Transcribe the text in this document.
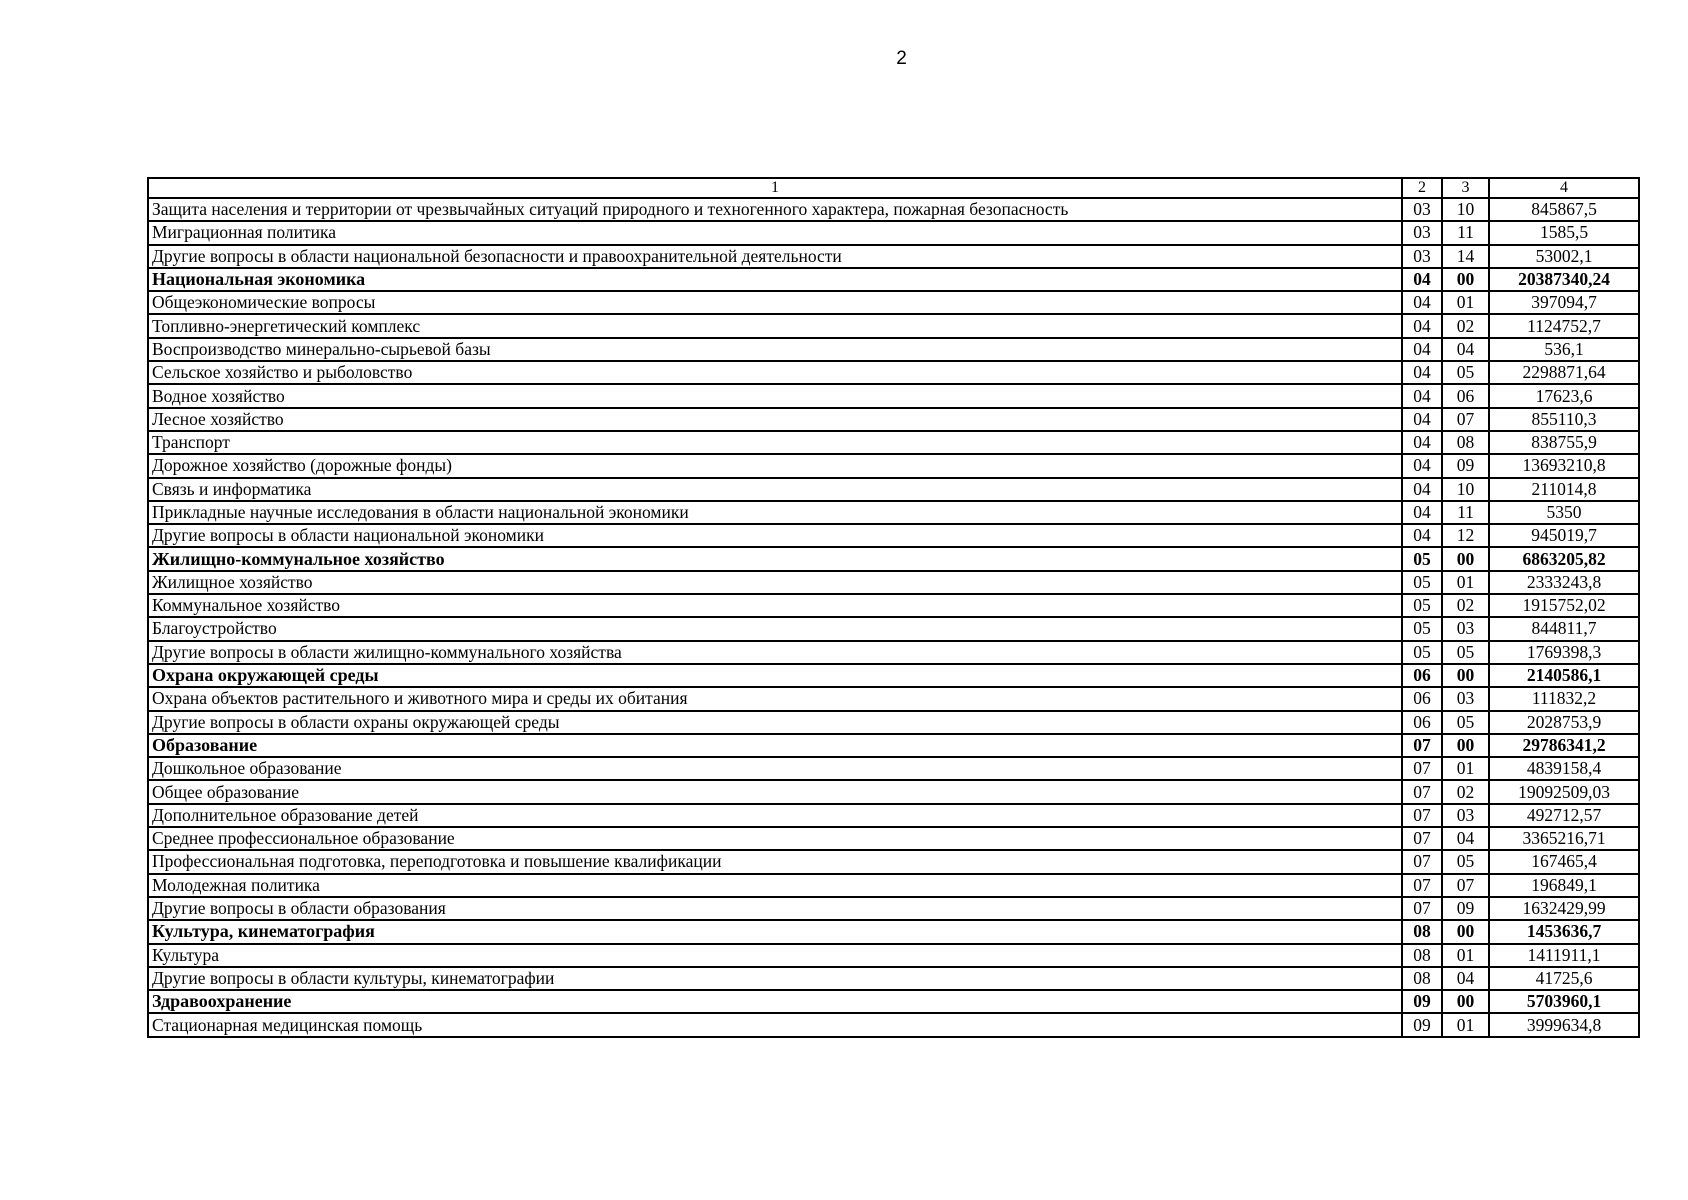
2
1	2	3	4
Защита населения и территории от чрезвычайных ситуаций природного и техногенного характера, пожарная безопасность	03	10	845867,5
Миграционная политика	03	11	1585,5
Другие вопросы в области национальной безопасности и правоохранительной деятельности	03	14	53002,1
Национальная экономика	04	00	20387340,24
Общеэкономические вопросы	04	01	397094,7
Топливно-энергетический комплекс	04	02	1124752,7
Воспроизводство минерально-сырьевой базы	04	04	536,1
Сельское хозяйство и рыболовство	04	05	2298871,64
Водное хозяйство	04	06	17623,6
Лесное хозяйство	04	07	855110,3
Транспорт	04	08	838755,9
Дорожное хозяйство (дорожные фонды)	04	09	13693210,8
Связь и информатика	04	10	211014,8
Прикладные научные исследования в области национальной экономики	04	11	5350
Другие вопросы в области национальной экономики	04	12	945019,7
Жилищно-коммунальное хозяйство	05	00	6863205,82
Жилищное хозяйство	05	01	2333243,8
Коммунальное хозяйство	05	02	1915752,02
Благоустройство	05	03	844811,7
Другие вопросы в области жилищно-коммунального хозяйства	05	05	1769398,3
Охрана окружающей среды	06	00	2140586,1
Охрана объектов растительного и животного мира и среды их обитания	06	03	111832,2
Другие вопросы в области охраны окружающей среды	06	05	2028753,9
Образование	07	00	29786341,2
Дошкольное образование	07	01	4839158,4
Общее образование	07	02	19092509,03
Дополнительное образование детей	07	03	492712,57
Среднее профессиональное образование	07	04	3365216,71
Профессиональная подготовка, переподготовка и повышение квалификации	07	05	167465,4
Молодежная политика	07	07	196849,1
Другие вопросы в области образования	07	09	1632429,99
Культура, кинематография	08	00	1453636,7
Культура	08	01	1411911,1
Другие вопросы в области культуры, кинематографии	08	04	41725,6
Здравоохранение	09	00	5703960,1
Стационарная медицинская помощь	09	01	3999634,8
